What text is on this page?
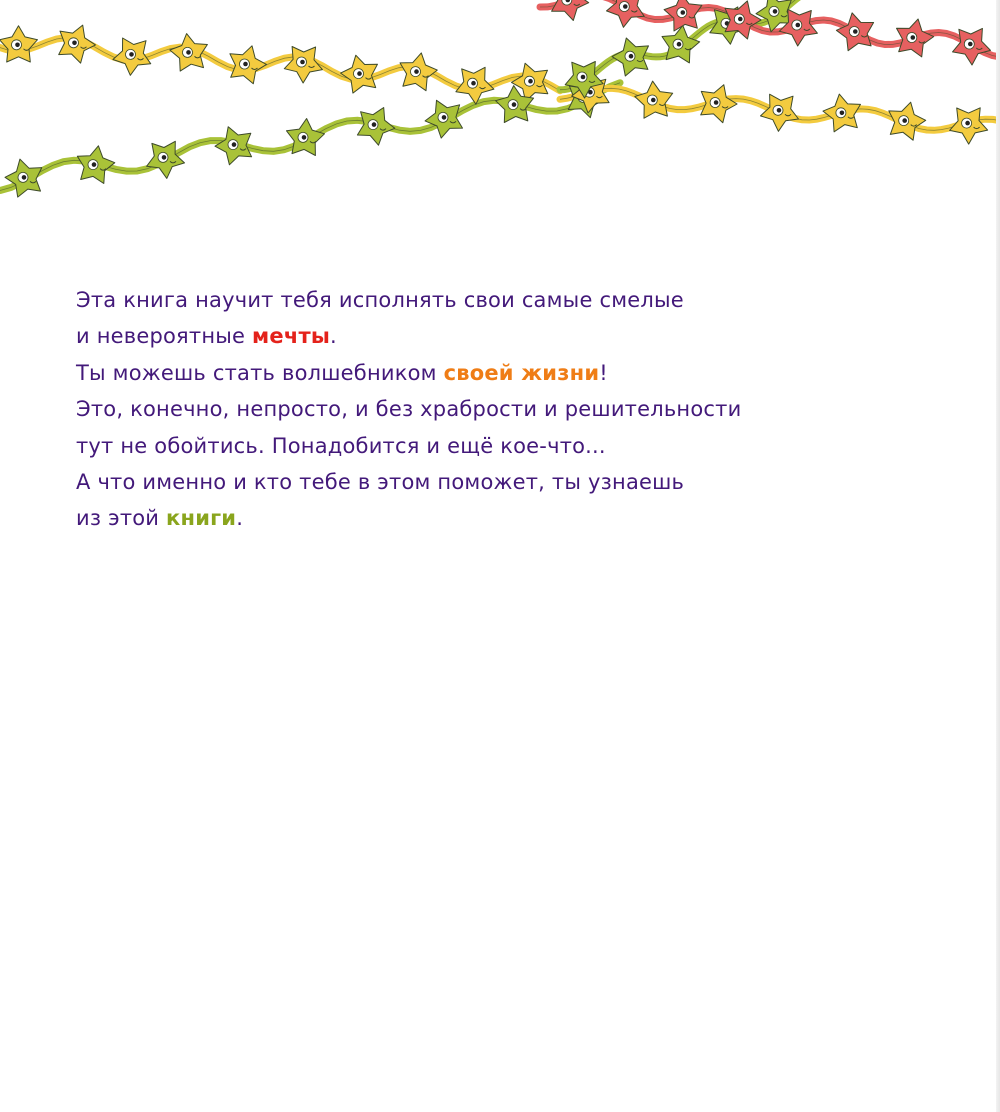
Эта книга научит тебя исполнять свои самые смелые
и невероятные мечты.
Ты можешь стать волшебником своей жизни!
Это, конечно, непросто, и без храбрости и решительности
тут не обойтись. Понадобится и ещё кое-что...
А что именно и кто тебе в этом поможет, ты узнаешь
из этой книги.
